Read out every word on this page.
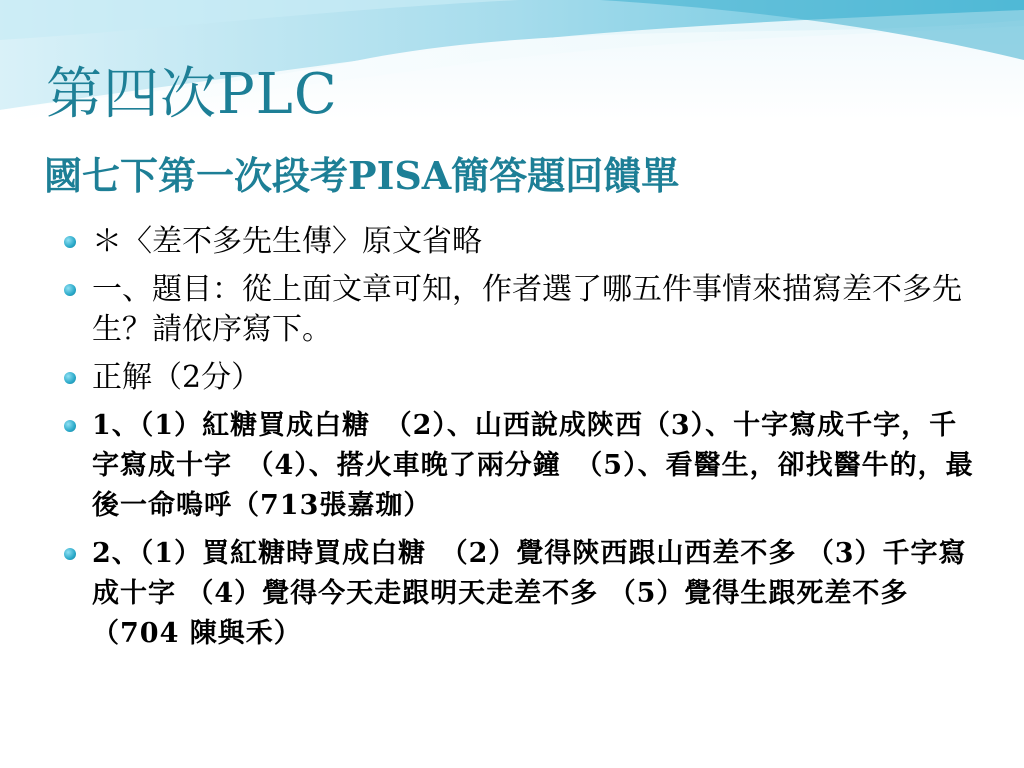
第四次PLC
國七下第一次段考PISA簡答題回饋單
＊〈差不多先生傳〉原文省略
一、題目：從上面文章可知，作者選了哪五件事情來描寫差不多先生？請依序寫下。
正解（2分）
1、（1）紅糖買成白糖　（2）、山西說成陝西（3）、十字寫成千字，千　字寫成十字　（4）、搭火車晚了兩分鐘　（5）、看醫生，卻找醫牛的，最後一命嗚呼（713張嘉珈）
2、（1）買紅糖時買成白糖　（2）覺得陝西跟山西差不多 （3）千字寫成十字 （4）覺得今天走跟明天走差不多 （5）覺得生跟死差不多 （704 陳與禾）
